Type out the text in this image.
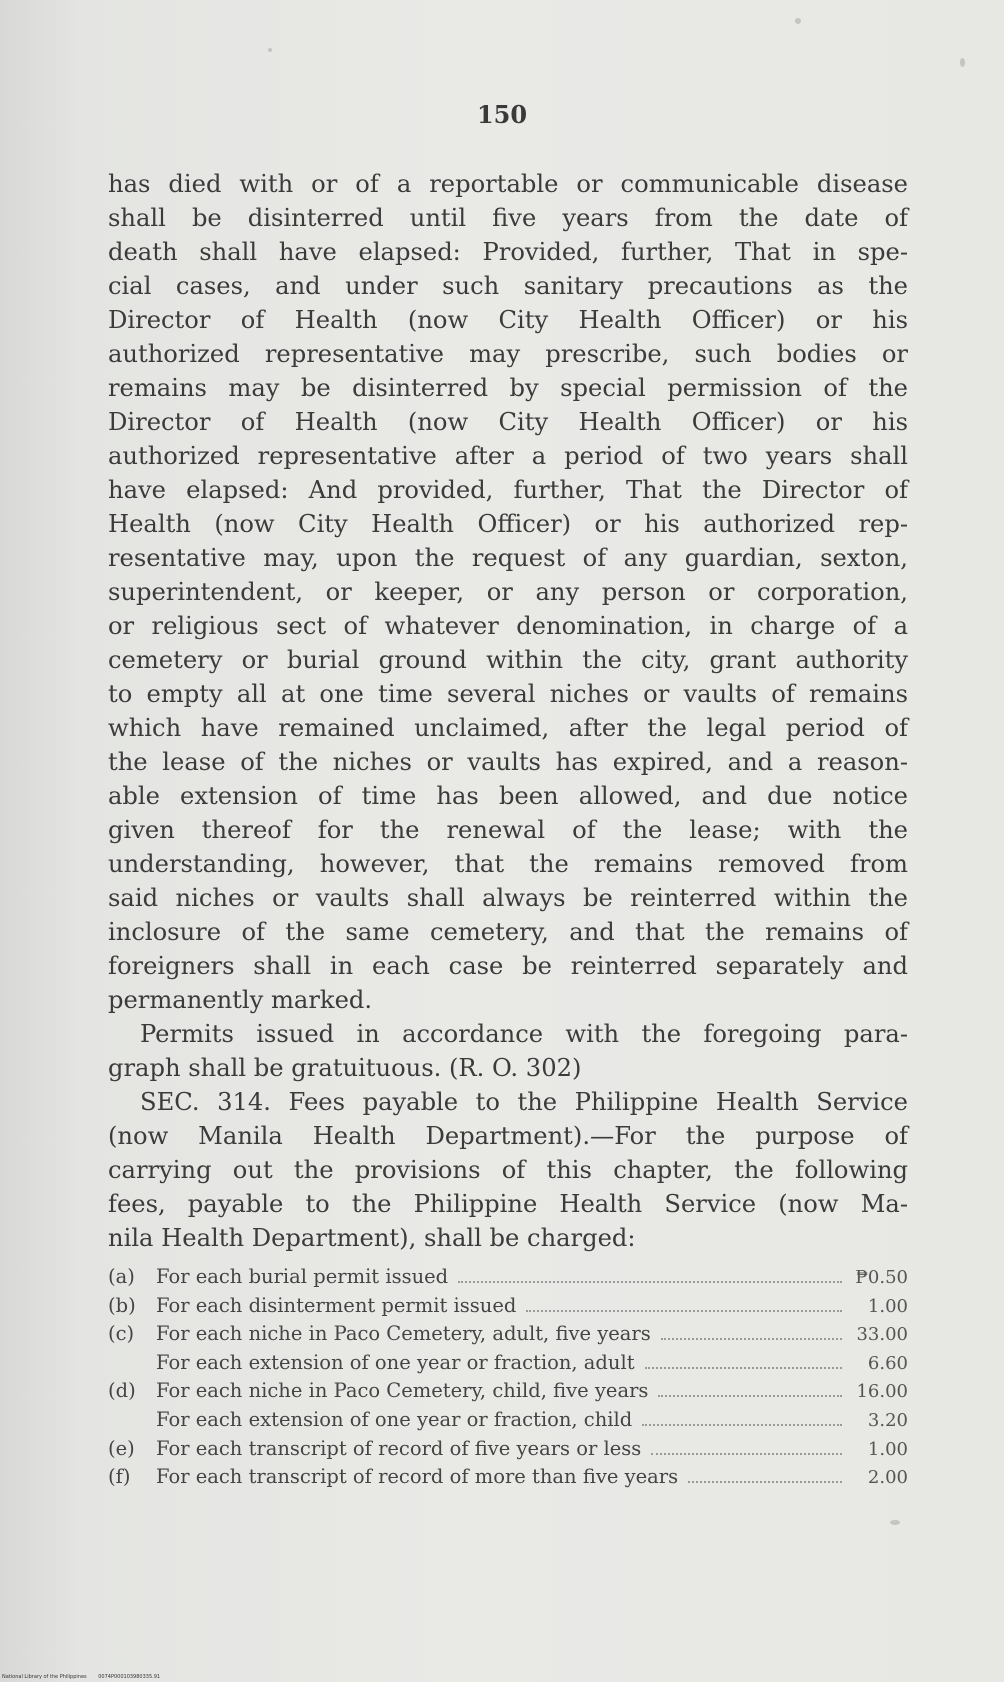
150
has died with or of a reportable or communicable disease
shall be disinterred until five years from the date of
death shall have elapsed: Provided, further, That in spe-
cial cases, and under such sanitary precautions as the
Director of Health (now City Health Officer) or his
authorized representative may prescribe, such bodies or
remains may be disinterred by special permission of the
Director of Health (now City Health Officer) or his
authorized representative after a period of two years shall
have elapsed: And provided, further, That the Director of
Health (now City Health Officer) or his authorized rep-
resentative may, upon the request of any guardian, sexton,
superintendent, or keeper, or any person or corporation,
or religious sect of whatever denomination, in charge of a
cemetery or burial ground within the city, grant authority
to empty all at one time several niches or vaults of remains
which have remained unclaimed, after the legal period of
the lease of the niches or vaults has expired, and a reason-
able extension of time has been allowed, and due notice
given thereof for the renewal of the lease; with the
understanding, however, that the remains removed from
said niches or vaults shall always be reinterred within the
inclosure of the same cemetery, and that the remains of
foreigners shall in each case be reinterred separately and
permanently marked.
Permits issued in accordance with the foregoing para-
graph shall be gratuituous. (R. O. 302)
SEC. 314. Fees payable to the Philippine Health Service
(now Manila Health Department).—For the purpose of
carrying out the provisions of this chapter, the following
fees, payable to the Philippine Health Service (now Ma-
nila Health Department), shall be charged:
(a)	For each burial permit issued	₱0.50
(b)	For each disinterment permit issued	1.00
(c)	For each niche in Paco Cemetery, adult, five years	33.00
For each extension of one year or fraction, adult	6.60
(d)	For each niche in Paco Cemetery, child, five years	16.00
For each extension of one year or fraction, child	3.20
(e)	For each transcript of record of five years or less	1.00
(f)	For each transcript of record of more than five years	2.00
National Library of the Philippines 0074P000103980335.91
